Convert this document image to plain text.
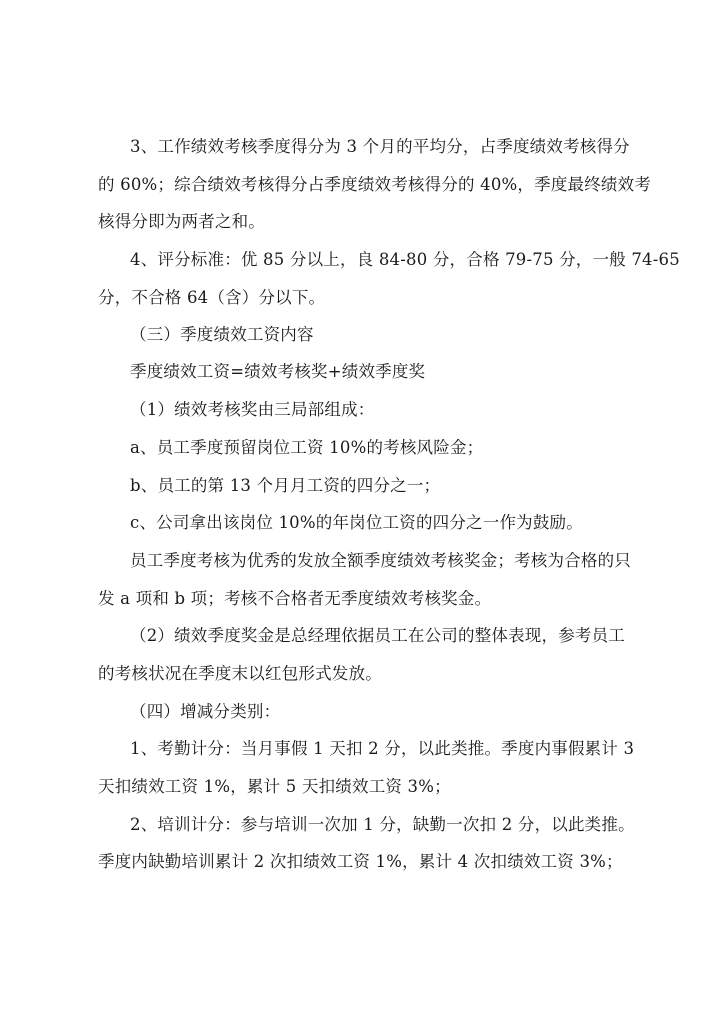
3、工作绩效考核季度得分为 3 个月的平均分，占季度绩效考核得分
的 60%；综合绩效考核得分占季度绩效考核得分的 40%，季度最终绩效考
核得分即为两者之和。
4、评分标准：优 85 分以上，良 84-80 分，合格 79-75 分，一般 74-65
分，不合格 64（含）分以下。
（三）季度绩效工资内容
季度绩效工资=绩效考核奖+绩效季度奖
（1）绩效考核奖由三局部组成：
a、员工季度预留岗位工资 10%的考核风险金；
b、员工的第 13 个月月工资的四分之一；
c、公司拿出该岗位 10%的年岗位工资的四分之一作为鼓励。
员工季度考核为优秀的发放全额季度绩效考核奖金；考核为合格的只
发 a 项和 b 项；考核不合格者无季度绩效考核奖金。
（2）绩效季度奖金是总经理依据员工在公司的整体表现，参考员工
的考核状况在季度末以红包形式发放。
（四）增减分类别：
1、考勤计分：当月事假 1 天扣 2 分，以此类推。季度内事假累计 3
天扣绩效工资 1%，累计 5 天扣绩效工资 3%；
2、培训计分：参与培训一次加 1 分，缺勤一次扣 2 分，以此类推。
季度内缺勤培训累计 2 次扣绩效工资 1%，累计 4 次扣绩效工资 3%；
